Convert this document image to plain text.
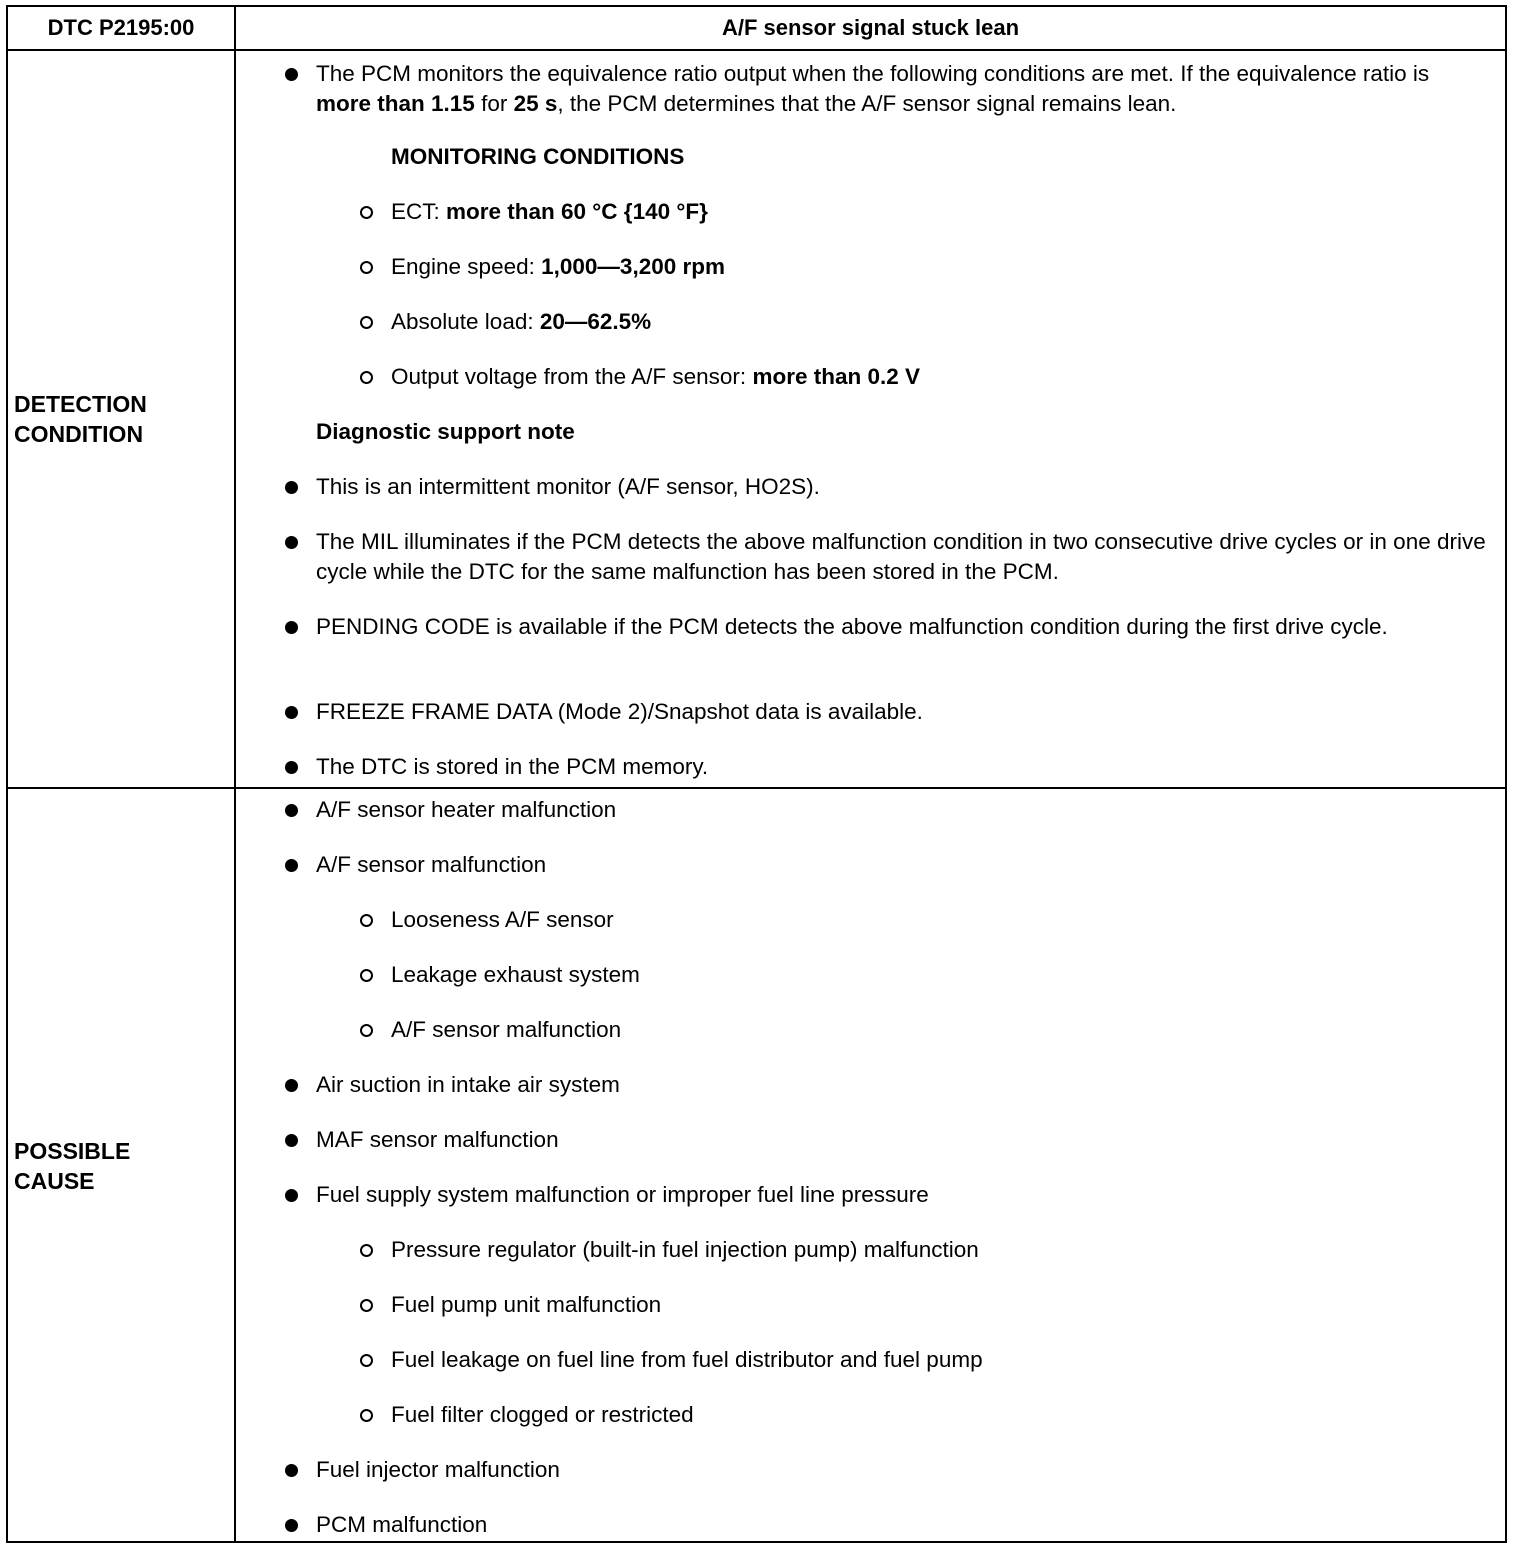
DTC P2195:00	A/F sensor signal stuck lean
DETECTION
CONDITION
The PCM monitors the equivalence ratio output when the following conditions are met. If the equivalence ratio is more than 1.15 for 25 s, the PCM determines that the A/F sensor signal remains lean.
MONITORING CONDITIONS
ECT: more than 60 °C {140 °F}
Engine speed: 1,000—3,200 rpm
Absolute load: 20—62.5%
Output voltage from the A/F sensor: more than 0.2 V
Diagnostic support note
This is an intermittent monitor (A/F sensor, HO2S).
The MIL illuminates if the PCM detects the above malfunction condition in two consecutive drive cycles or in one drive cycle while the DTC for the same malfunction has been stored in the PCM.
PENDING CODE is available if the PCM detects the above malfunction condition during the first drive cycle.
FREEZE FRAME DATA (Mode 2)/Snapshot data is available.
The DTC is stored in the PCM memory.
POSSIBLE
CAUSE
A/F sensor heater malfunction
A/F sensor malfunction
Looseness A/F sensor
Leakage exhaust system
A/F sensor malfunction
Air suction in intake air system
MAF sensor malfunction
Fuel supply system malfunction or improper fuel line pressure
Pressure regulator (built-in fuel injection pump) malfunction
Fuel pump unit malfunction
Fuel leakage on fuel line from fuel distributor and fuel pump
Fuel filter clogged or restricted
Fuel injector malfunction
PCM malfunction
